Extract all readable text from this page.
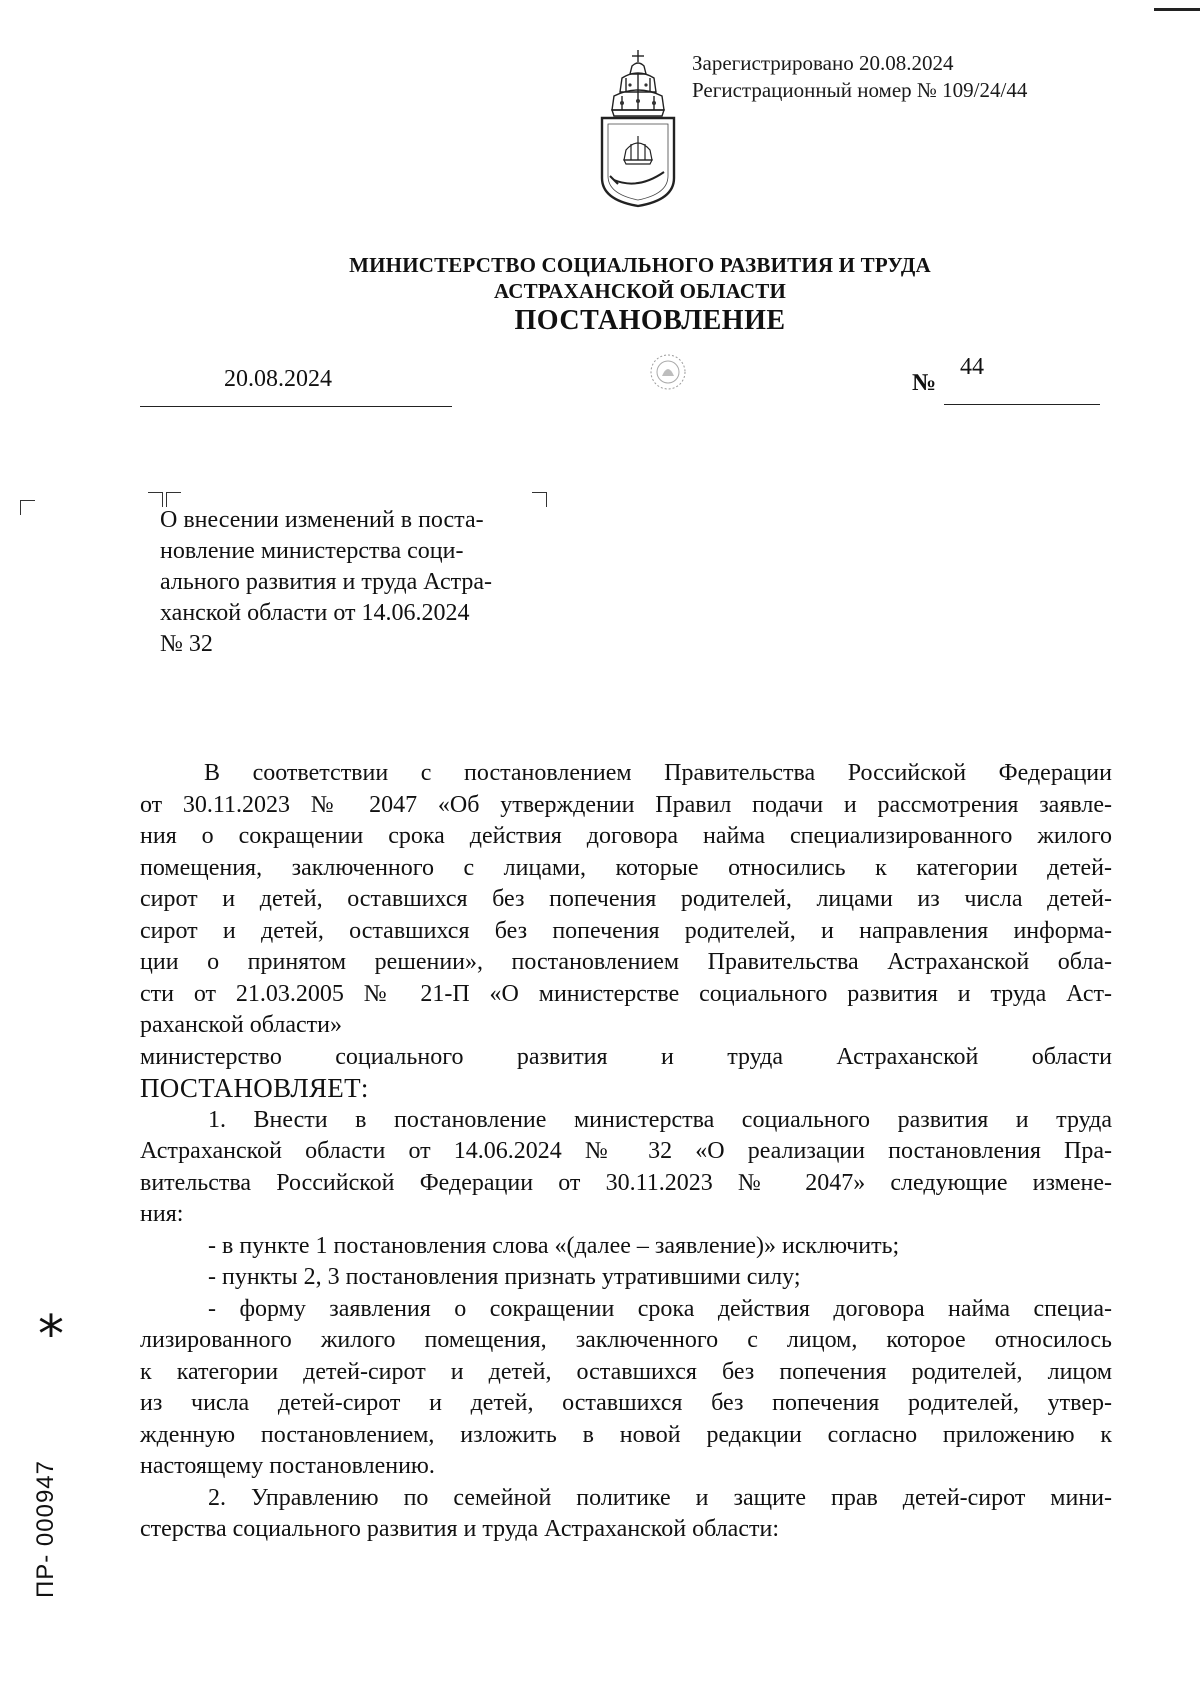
Зарегистрировано 20.08.2024
Регистрационный номер № 109/24/44
МИНИСТЕРСТВО СОЦИАЛЬНОГО РАЗВИТИЯ И ТРУДА
АСТРАХАНСКОЙ ОБЛАСТИ
ПОСТАНОВЛЕНИЕ
20.08.2024	№
44

О внесении изменений в поста-

новление министерства соци-

ального развития и труда Астра-

ханской области от 14.06.2024

№ 32

В соответствии с постановлением Правительства Российской Федерации

от 30.11.2023 № 2047 «Об утверждении Правил подачи и рассмотрения заявле-

ния о сокращении срока действия договора найма специализированного жилого

помещения, заключенного с лицами, которые относились к категории детей-

сирот и детей, оставшихся без попечения родителей, лицами из числа детей-

сирот и детей, оставшихся без попечения родителей, и направления информа-

ции о принятом решении», постановлением Правительства Астраханской обла-

сти от 21.03.2005 № 21-П «О министерстве социального развития и труда Аст-

раханской области»

министерство социального развития и труда Астраханской области

ПОСТАНОВЛЯЕТ:

1. Внести в постановление министерства социального развития и труда

Астраханской области от 14.06.2024 № 32 «О реализации постановления Пра-

вительства Российской Федерации от 30.11.2023 № 2047» следующие измене-

ния:

- в пункте 1 постановления слова «(далее – заявление)» исключить;

- пункты 2, 3 постановления признать утратившими силу;

- форму заявления о сокращении срока действия договора найма специа-

лизированного жилого помещения, заключенного с лицом, которое относилось

к категории детей-сирот и детей, оставшихся без попечения родителей, лицом

из числа детей-сирот и детей, оставшихся без попечения родителей, утвер-

жденную постановлением, изложить в новой редакции согласно приложению к

настоящему постановлению.

2. Управлению по семейной политике и защите прав детей-сирот мини-

стерства социального развития и труда Астраханской области:

*
ПР- 000947
